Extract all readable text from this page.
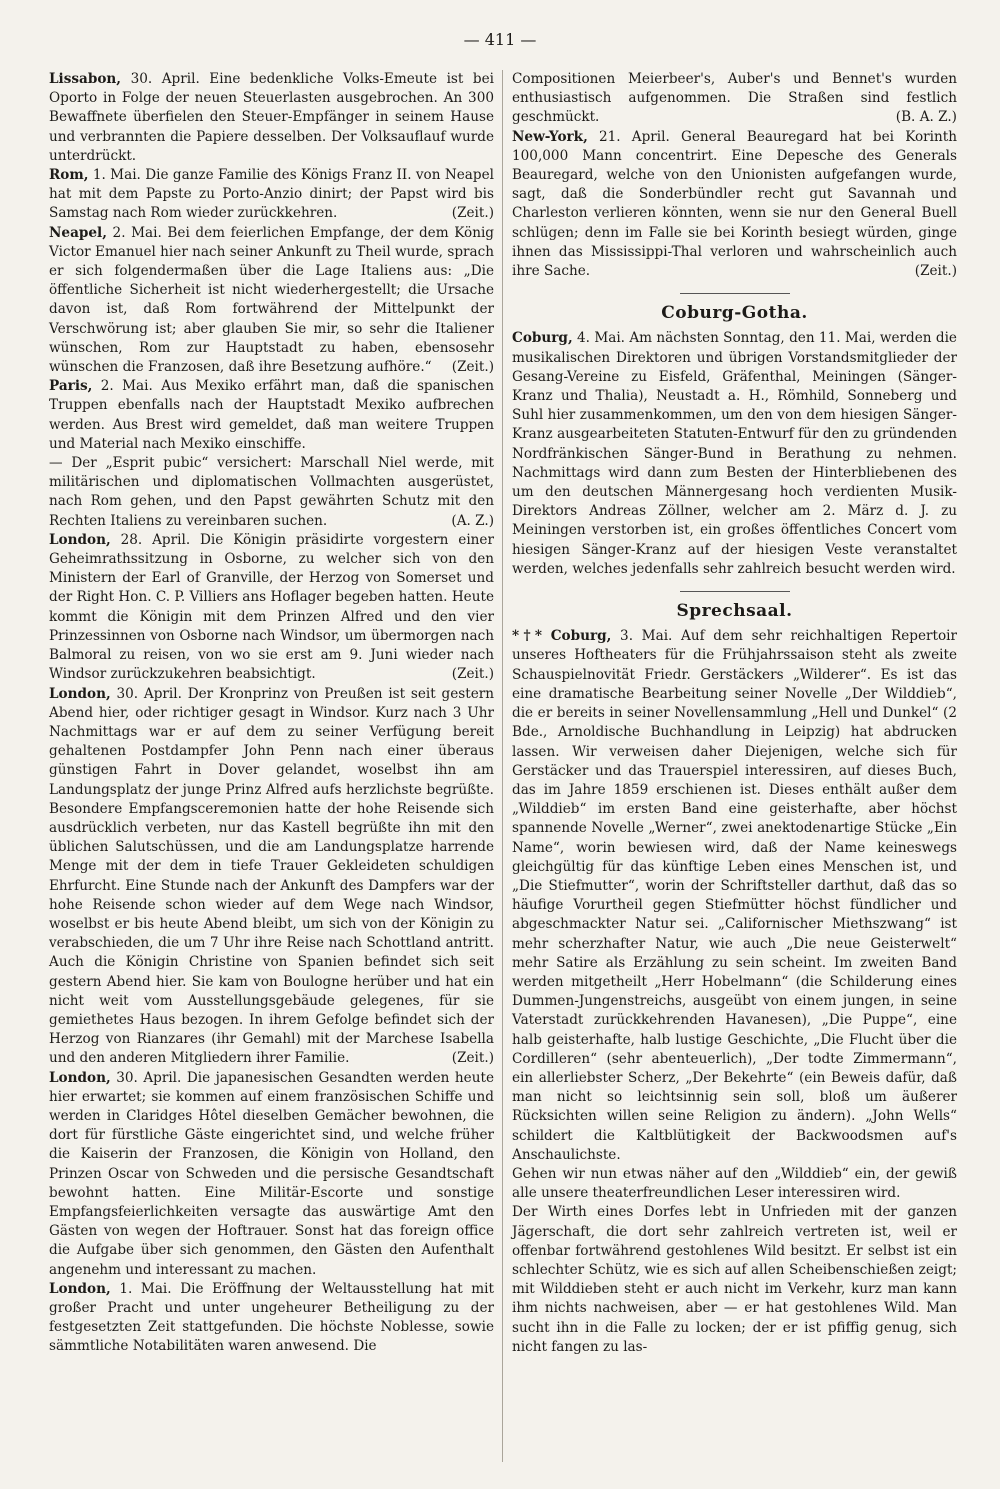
— 411 —

Lissabon, 30. April. Eine bedenkliche Volks-Emeute ist bei Oporto in Folge der neuen Steuerlasten ausgebrochen. An 300 Bewaffnete überfielen den Steuer-Empfänger in seinem Hause und verbrannten die Papiere desselben. Der Volksauflauf wurde unterdrückt.

Rom, 1. Mai. Die ganze Familie des Königs Franz II. von Neapel hat mit dem Papste zu Porto-Anzio dinirt; der Papst wird bis Samstag nach Rom wieder zurückkehren.	(Zeit.)

Neapel, 2. Mai. Bei dem feierlichen Empfange, der dem König Victor Emanuel hier nach seiner Ankunft zu Theil wurde, sprach er sich folgendermaßen über die Lage Italiens aus: „Die öffentliche Sicherheit ist nicht wiederhergestellt; die Ursache davon ist, daß Rom fortwährend der Mittelpunkt der Verschwörung ist; aber glauben Sie mir, so sehr die Italiener wünschen, Rom zur Hauptstadt zu haben, ebensosehr wünschen die Franzosen, daß ihre Besetzung aufhöre.“ (Zeit.)

Paris, 2. Mai. Aus Mexiko erfährt man, daß die spanischen Truppen ebenfalls nach der Hauptstadt Mexiko aufbrechen werden. Aus Brest wird gemeldet, daß man weitere Truppen und Material nach Mexiko einschiffe.

— Der „Esprit pubic“ versichert: Marschall Niel werde, mit militärischen und diplomatischen Vollmachten ausgerüstet, nach Rom gehen, und den Papst gewährten Schutz mit den Rechten Italiens zu vereinbaren suchen.	(A. Z.)

London, 28. April. Die Königin präsidirte vorgestern einer Geheimrathssitzung in Osborne, zu welcher sich von den Ministern der Earl of Granville, der Herzog von Somerset und der Right Hon. C. P. Villiers ans Hoflager begeben hatten. Heute kommt die Königin mit dem Prinzen Alfred und den vier Prinzessinnen von Osborne nach Windsor, um übermorgen nach Balmoral zu reisen, von wo sie erst am 9. Juni wieder nach Windsor zurückzukehren beabsichtigt.	(Zeit.)

London, 30. April. Der Kronprinz von Preußen ist seit gestern Abend hier, oder richtiger gesagt in Windsor. Kurz nach 3 Uhr Nachmittags war er auf dem zu seiner Verfügung bereit gehaltenen Postdampfer John Penn nach einer überaus günstigen Fahrt in Dover gelandet, woselbst ihn am Landungsplatz der junge Prinz Alfred aufs herzlichste begrüßte. Besondere Empfangsceremonien hatte der hohe Reisende sich ausdrücklich verbeten, nur das Kastell begrüßte ihn mit den üblichen Salutschüssen, und die am Landungsplatze harrende Menge mit der dem in tiefe Trauer Gekleideten schuldigen Ehrfurcht. Eine Stunde nach der Ankunft des Dampfers war der hohe Reisende schon wieder auf dem Wege nach Windsor, woselbst er bis heute Abend bleibt, um sich von der Königin zu verabschieden, die um 7 Uhr ihre Reise nach Schottland antritt. Auch die Königin Christine von Spanien befindet sich seit gestern Abend hier. Sie kam von Boulogne herüber und hat ein nicht weit vom Ausstellungsgebäude gelegenes, für sie gemiethetes Haus bezogen. In ihrem Gefolge befindet sich der Herzog von Rianzares (ihr Gemahl) mit der Marchese Isabella und den anderen Mitgliedern ihrer Familie.	(Zeit.)

London, 30. April. Die japanesischen Gesandten werden heute hier erwartet; sie kommen auf einem französischen Schiffe und werden in Claridges Hôtel dieselben Gemächer bewohnen, die dort für fürstliche Gäste eingerichtet sind, und welche früher die Kaiserin der Franzosen, die Königin von Holland, den Prinzen Oscar von Schweden und die persische Gesandtschaft bewohnt hatten. Eine Militär-Escorte und sonstige Empfangsfeierlichkeiten versagte das auswärtige Amt den Gästen von wegen der Hoftrauer. Sonst hat das foreign office die Aufgabe über sich genommen, den Gästen den Aufenthalt angenehm und interessant zu machen.

London, 1. Mai. Die Eröffnung der Weltausstellung hat mit großer Pracht und unter ungeheurer Betheiligung zu der festgesetzten Zeit stattgefunden. Die höchste Noblesse, sowie sämmtliche Notabilitäten waren anwesend. Die

Compositionen Meierbeer's, Auber's und Bennet's wurden enthusiastisch aufgenommen. Die Straßen sind festlich geschmückt.	(B. A. Z.)

New-York, 21. April. General Beauregard hat bei Korinth 100,000 Mann concentrirt. Eine Depesche des Generals Beauregard, welche von den Unionisten aufgefangen wurde, sagt, daß die Sonderbündler recht gut Savannah und Charleston verlieren könnten, wenn sie nur den General Buell schlügen; denn im Falle sie bei Korinth besiegt würden, ginge ihnen das Mississippi-Thal verloren und wahrscheinlich auch ihre Sache.	(Zeit.)

Coburg-Gotha.

Coburg, 4. Mai. Am nächsten Sonntag, den 11. Mai, werden die musikalischen Direktoren und übrigen Vorstandsmitglieder der Gesang-Vereine zu Eisfeld, Gräfenthal, Meiningen (Sänger-Kranz und Thalia), Neustadt a. H., Römhild, Sonneberg und Suhl hier zusammenkommen, um den von dem hiesigen Sänger-Kranz ausgearbeiteten Statuten-Entwurf für den zu gründenden Nordfränkischen Sänger-Bund in Berathung zu nehmen. Nachmittags wird dann zum Besten der Hinterbliebenen des um den deutschen Männergesang hoch verdienten Musik-Direktors Andreas Zöllner, welcher am 2. März d. J. zu Meiningen verstorben ist, ein großes öffentliches Concert vom hiesigen Sänger-Kranz auf der hiesigen Veste veranstaltet werden, welches jedenfalls sehr zahlreich besucht werden wird.

Sprechsaal.

*†* Coburg, 3. Mai. Auf dem sehr reichhaltigen Repertoir unseres Hoftheaters für die Frühjahrssaison steht als zweite Schauspielnovität Friedr. Gerstäckers „Wilderer“. Es ist das eine dramatische Bearbeitung seiner Novelle „Der Wilddieb“, die er bereits in seiner Novellensammlung „Hell und Dunkel“ (2 Bde., Arnoldische Buchhandlung in Leipzig) hat abdrucken lassen. Wir verweisen daher Diejenigen, welche sich für Gerstäcker und das Trauerspiel interessiren, auf dieses Buch, das im Jahre 1859 erschienen ist. Dieses enthält außer dem „Wilddieb“ im ersten Band eine geisterhafte, aber höchst spannende Novelle „Werner“, zwei anektodenartige Stücke „Ein Name“, worin bewiesen wird, daß der Name keineswegs gleichgültig für das künftige Leben eines Menschen ist, und „Die Stiefmutter“, worin der Schriftsteller darthut, daß das so häufige Vorurtheil gegen Stiefmütter höchst fündlicher und abgeschmackter Natur sei. „Californischer Miethszwang“ ist mehr scherzhafter Natur, wie auch „Die neue Geisterwelt“ mehr Satire als Erzählung zu sein scheint. Im zweiten Band werden mitgetheilt „Herr Hobelmann“ (die Schilderung eines Dummen-Jungenstreichs, ausgeübt von einem jungen, in seine Vaterstadt zurückkehrenden Havanesen), „Die Puppe“, eine halb geisterhafte, halb lustige Geschichte, „Die Flucht über die Cordilleren“ (sehr abenteuerlich), „Der todte Zimmermann“, ein allerliebster Scherz, „Der Bekehrte“ (ein Beweis dafür, daß man nicht so leichtsinnig sein soll, bloß um äußerer Rücksichten willen seine Religion zu ändern). „John Wells“ schildert die Kaltblütigkeit der Backwoodsmen auf's Anschaulichste.

Gehen wir nun etwas näher auf den „Wilddieb“ ein, der gewiß alle unsere theaterfreundlichen Leser interessiren wird.

Der Wirth eines Dorfes lebt in Unfrieden mit der ganzen Jägerschaft, die dort sehr zahlreich vertreten ist, weil er offenbar fortwährend gestohlenes Wild besitzt. Er selbst ist ein schlechter Schütz, wie es sich auf allen Scheibenschießen zeigt; mit Wilddieben steht er auch nicht im Verkehr, kurz man kann ihm nichts nachweisen, aber — er hat gestohlenes Wild. Man sucht ihn in die Falle zu locken; der er ist pfiffig genug, sich nicht fangen zu las-
